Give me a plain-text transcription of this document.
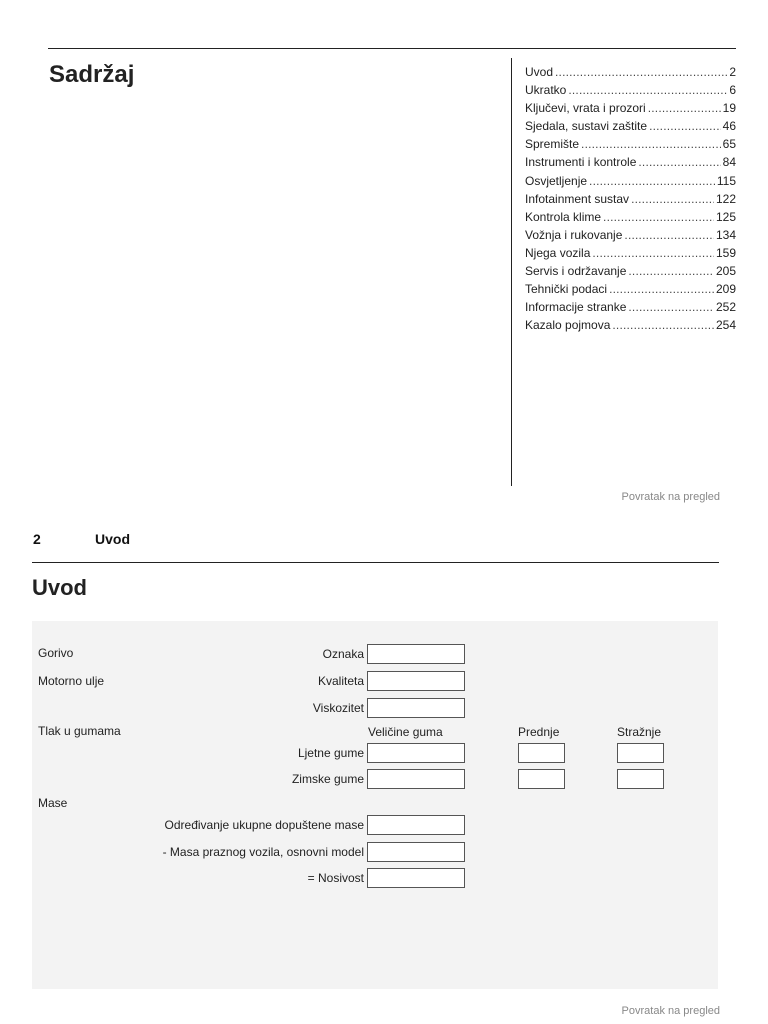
Sadržaj	Uvod .....	2
Ukratko .....	6
Ključevi, vrata i prozori .....	19
Sjedala, sustavi zaštite .....	46
Spremište .....	65
Instrumenti i kontrole .....	84
Osvjetljenje .....	115
Infotainment sustav .....	122
Kontrola klime .....	125
Vožnja i rukovanje .....	134
Njega vozila .....	159
Servis i održavanje .....	205
Tehnički podaci .....	209
Informacije stranke .....	252
Kazalo pojmova .....	254
Povratak na pregled
2	Uvod
Uvod
Gorivo	Oznaka
Motorno ulje	Kvaliteta
Viskozitet
Tlak u gumama	Veličine guma	Prednje	Stražnje
Ljetne gume
Zimske gume
Mase
Određivanje ukupne dopuštene mase
- Masa praznog vozila, osnovni model
= Nosivost
Povratak na pregled
